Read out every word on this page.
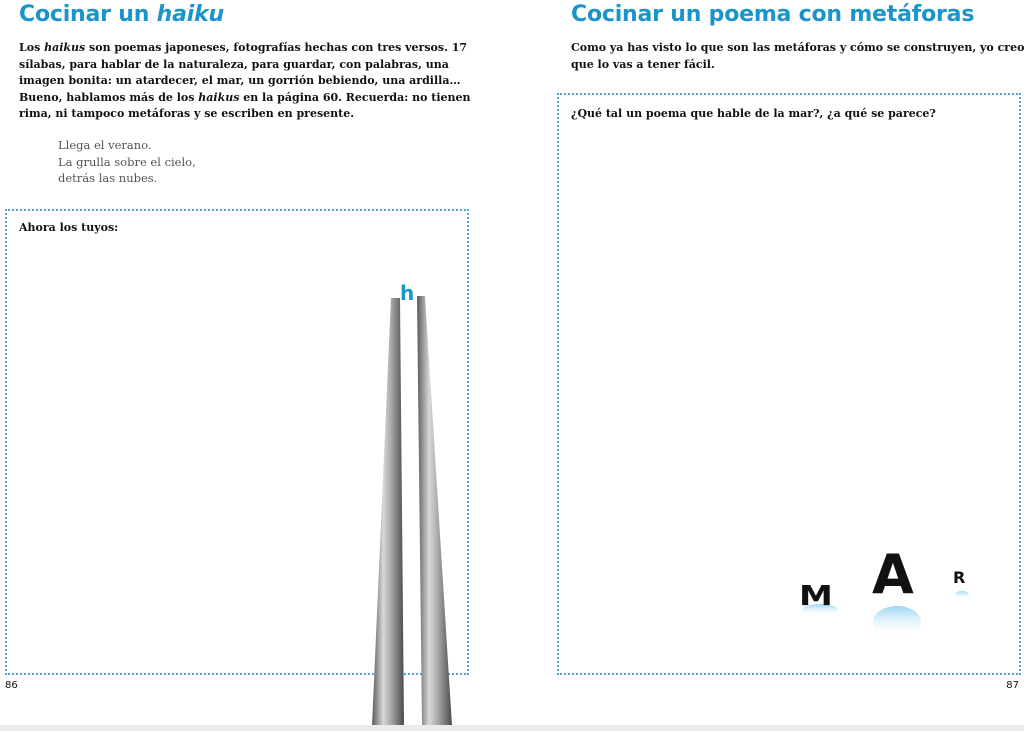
Cocinar un haiku

Los haikus son poemas japoneses, fotografías hechas con tres versos. 17 sílabas, para hablar de la naturaleza, para guardar, con palabras, una imagen bonita: un atardecer, el mar, un gorrión bebiendo, una ardilla… Bueno, hablamos más de los haikus en la página 60. Recuerda: no tienen rima, ni tampoco metáforas y se escriben en presente.

Llega el verano.
La grulla sobre el cielo,
detrás las nubes.
Ahora los tuyos:
h
86
Cocinar un poema con metáforas

Como ya has visto lo que son las metáforas y cómo se construyen, yo creo que lo vas a tener fácil.

¿Qué tal un poema que hable de la mar?, ¿a qué se parece?
M A R
87
